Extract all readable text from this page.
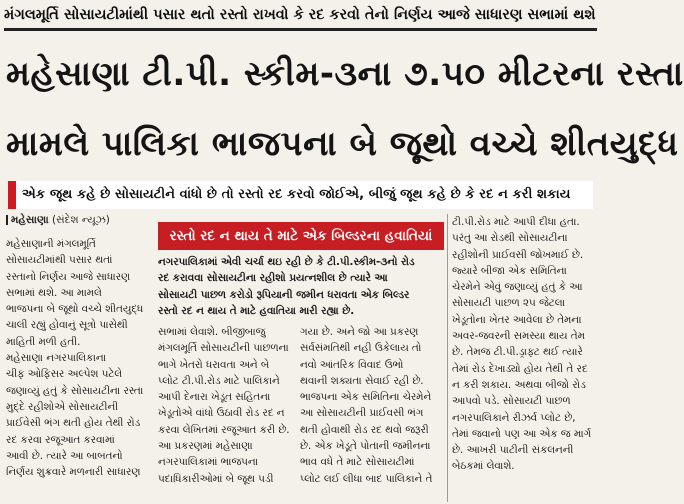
મંગલમૂર્તિ સોસાયટીમાંથી પસાર થતો રસ્તો રાખવો કે રદ કરવો તેનો નિર્ણય આજે સાધારણ સભામાં થશે
મહેસાણા ટી.પી. સ્કીમ-૩ના ૭.૫૦ મીટરના રસ્તા
મામલે પાલિકા ભાજપના બે જૂથો વચ્ચે શીતયુદ્ધ
એક જૂથ કહે છે સોસાયટીને વાંધો છે તો રસ્તો રદ કરવો જોઈએ, બીજું જૂથ કહે છે કે રદ ન કરી શકાય
મહેસાણા (સંદેશ ન્યૂઝ)
રસ્તો રદ ન થાય તે માટે એક બિલ્ડરના હવાતિયાં

મહેસાણાની મંગલમૂર્તિ

સોસાયટીમાંથી પસાર થતાં

રસ્તાનો નિર્ણય આજે સાધારણ

સભામાં થશે. આ મામલે

ભાજપના બે જૂથો વચ્ચે શીતયુદ્ધ

ચાલી રહ્યું હોવાનું સૂત્રો પાસેથી

માહિતી મળી હતી.

મહેસાણા નગરપાલિકાના

ચીફ ઓફિસર અલ્પેશ પટેલે

જણાવ્યું હતું કે સોસાયટીના રસ્તા

મુદ્દે રહીશોએ સોસાયટીની

પ્રાઈવેસી ભંગ થતી હોય તેથી રોડ

રદ કરવા રજૂઆત કરવામાં

આવી છે. ત્યારે આ બાબતનો

નિર્ણય શુક્રવારે મળનારી સાધારણ

નગરપાલિકામાં એવી ચર્ચા થઇ રહી છે કે ટી.પી.સ્કીમ-૩નો રોડ

રદ કરાવવા સોસાયટીના રહીશો પ્રયત્નશીલ છે ત્યારે આ

સોસાયટી પાછળ કરોડો રૂપિયાની જમીન ધરાવતા એક બિલ્ડર

રસ્તો રદ ન થાય તે માટે હવાતિયા મારી રહ્યા છે.

સભામાં લેવાશે. બીજીબાજુ

મંગલમૂર્તિ સોસાયટીની પાછળના

ભાગે ખેતરો ધરાવતા અને બે

પ્લોટ ટી.પી.રોડ માટે પાલિકાને

આપી દેનારા ખેડૂત સહિતના

ખેડૂતોએ વાંધો ઉઠાવી રોડ રદ ન

કરવા લેખિતમાં રજૂઆત કરી છે.

આ પ્રકરણમાં મહેસાણા

નગરપાલિકામાં ભાજપના

પદાધિકારીઓમાં બે જૂથ પડી

ગયા છે. અને જો આ પ્રકરણ

સર્વસંમતિથી નહી ઉકેલાય તો

નવો આંતરિક વિવાદ ઉભો

થવાની શક્યતા સેવાઈ રહી છે.

ભાજપના એક સમિતિના ચેરમેને

આ સોસાયટીની પ્રાઈવસી ભંગ

થતી હોવાથી રોડ રદ થવો જરૂરી

છે. એક ખેડૂતે પોતાની જમીનના

ભાવ વધે તે માટે સોસાયટીમાં

પ્લોટ લઈ લીધા બાદ પાલિકાને તે

ટી.પી.રોડ માટે આપી દીધા હતા.

પરંતુ આ રોડથી સોસાયટીના

રહીશોની પ્રાઈવસી જોખમાઈ છે.

જ્યારે બીજા એક સમિતિના

ચેરમેને એવું જણાવ્યું હતું કે આ

સોસાયટી પાછળ ૨૫ જેટલા

ખેડૂતોના ખેતર આવેલા છે તેમના

અવર-જવરની સમસ્યા થાય તેમ

છે. તેમજ ટી.પી.ડ્રાફ્ટ થઈ ત્યારે

તેમાં રોડ દેખાડ્યો હોય તેથી તે રદ

ન કરી શકાય. અથવા બીજો રોડ

આપવો પડે. સોસાયટી પાછળ

નગરપાલિકાને રીઝર્વ પ્લોટ છે,

તેમાં જવાનો પણ આ એક જ માર્ગ

છે. આખરી પાટીની સંકલનની

બેઠકમાં લેવાશે.
